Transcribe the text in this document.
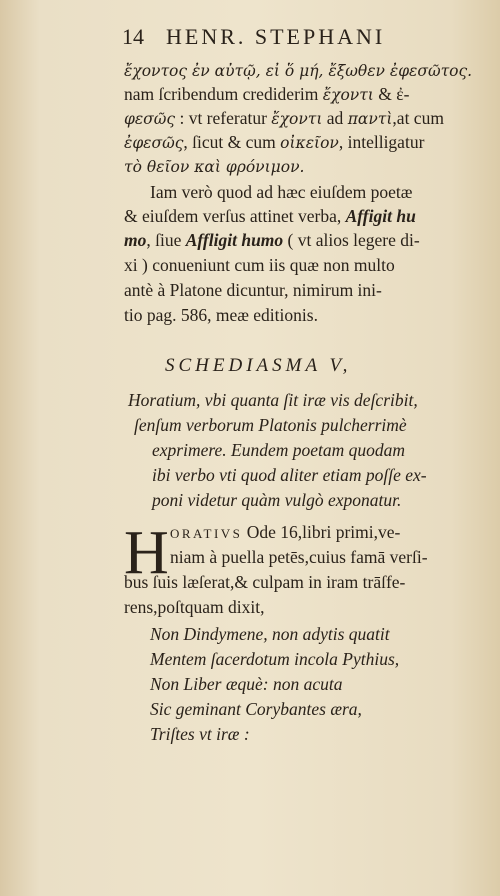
14 HENR. STEPHANI
ἔχοντος ἐν αὐτῷ, εἰ ὅ μή, ἔξωθεν ἐφεσῶτος.
nam ſcribendum crediderim ἔχοντι & ἐ-
φεσῶς : vt referatur ἔχοντι ad παντὶ,at cum
ἐφεσῶς, ſicut & cum οἰκεῖον, intelligatur
τὸ θεῖον καὶ φρόνιμον.
Iam verò quod ad hæc eiuſdem poetæ
& eiuſdem verſus attinet verba, Affigit hu
mo, ſiue Affligit humo ( vt alios legere di-
xi ) conueniunt cum iis quæ non multo
antè à Platone dicuntur, nimirum ini-
tio pag. 586, meæ editionis.
SCHEDIASMA V,
Horatium, vbi quanta ſit iræ vis deſcribit,
ſenſum verborum Platonis pulcherrimè
exprimere. Eundem poetam quodam
ibi verbo vti quod aliter etiam poſſe ex-
poni videtur quàm vulgò exponatur.
H ORATIVS Ode 16,libri primi,ve-
niam à puella petēs,cuius famā verſi-
bus ſuis læſerat,& culpam in iram trāſfe-
rens,poſtquam dixit,
Non Dindymene, non adytis quatit
Mentem ſacerdotum incola Pythius,
Non Liber æquè: non acuta
Sic geminant Corybantes æra,
Triſtes vt iræ :
